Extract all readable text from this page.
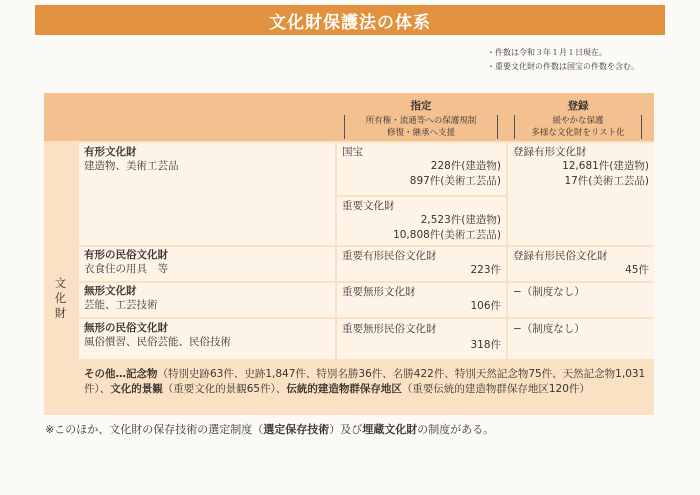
文化財保護法の体系
・件数は令和３年１月１日現在。
・重要文化財の件数は国宝の件数を含む。
指定
所有権・流通等への保護規制
修復・継承へ支援
登録
緩やかな保護
多様な文化財をリスト化
文
化
財
有形文化財
建造物、美術工芸品
国宝
228件(建造物)
897件(美術工芸品)
重要文化財
2,523件(建造物)
10,808件(美術工芸品)
登録有形文化財
12,681件(建造物)
17件(美術工芸品)
有形の民俗文化財
衣食住の用具　等
重要有形民俗文化財
223件
登録有形民俗文化財
45件
無形文化財
芸能、工芸技術
重要無形文化財
106件
−（制度なし）
無形の民俗文化財
風俗慣習、民俗芸能、民俗技術
重要無形民俗文化財
318件
−（制度なし）
その他…記念物（特別史跡63件、史跡1,847件、特別名勝36件、名勝422件、特別天然記念物75件、天然記念物1,031件）、文化的景観（重要文化的景観65件）、伝統的建造物群保存地区（重要伝統的建造物群保存地区120件）
※このほか、文化財の保存技術の選定制度（選定保存技術）及び埋蔵文化財の制度がある。
